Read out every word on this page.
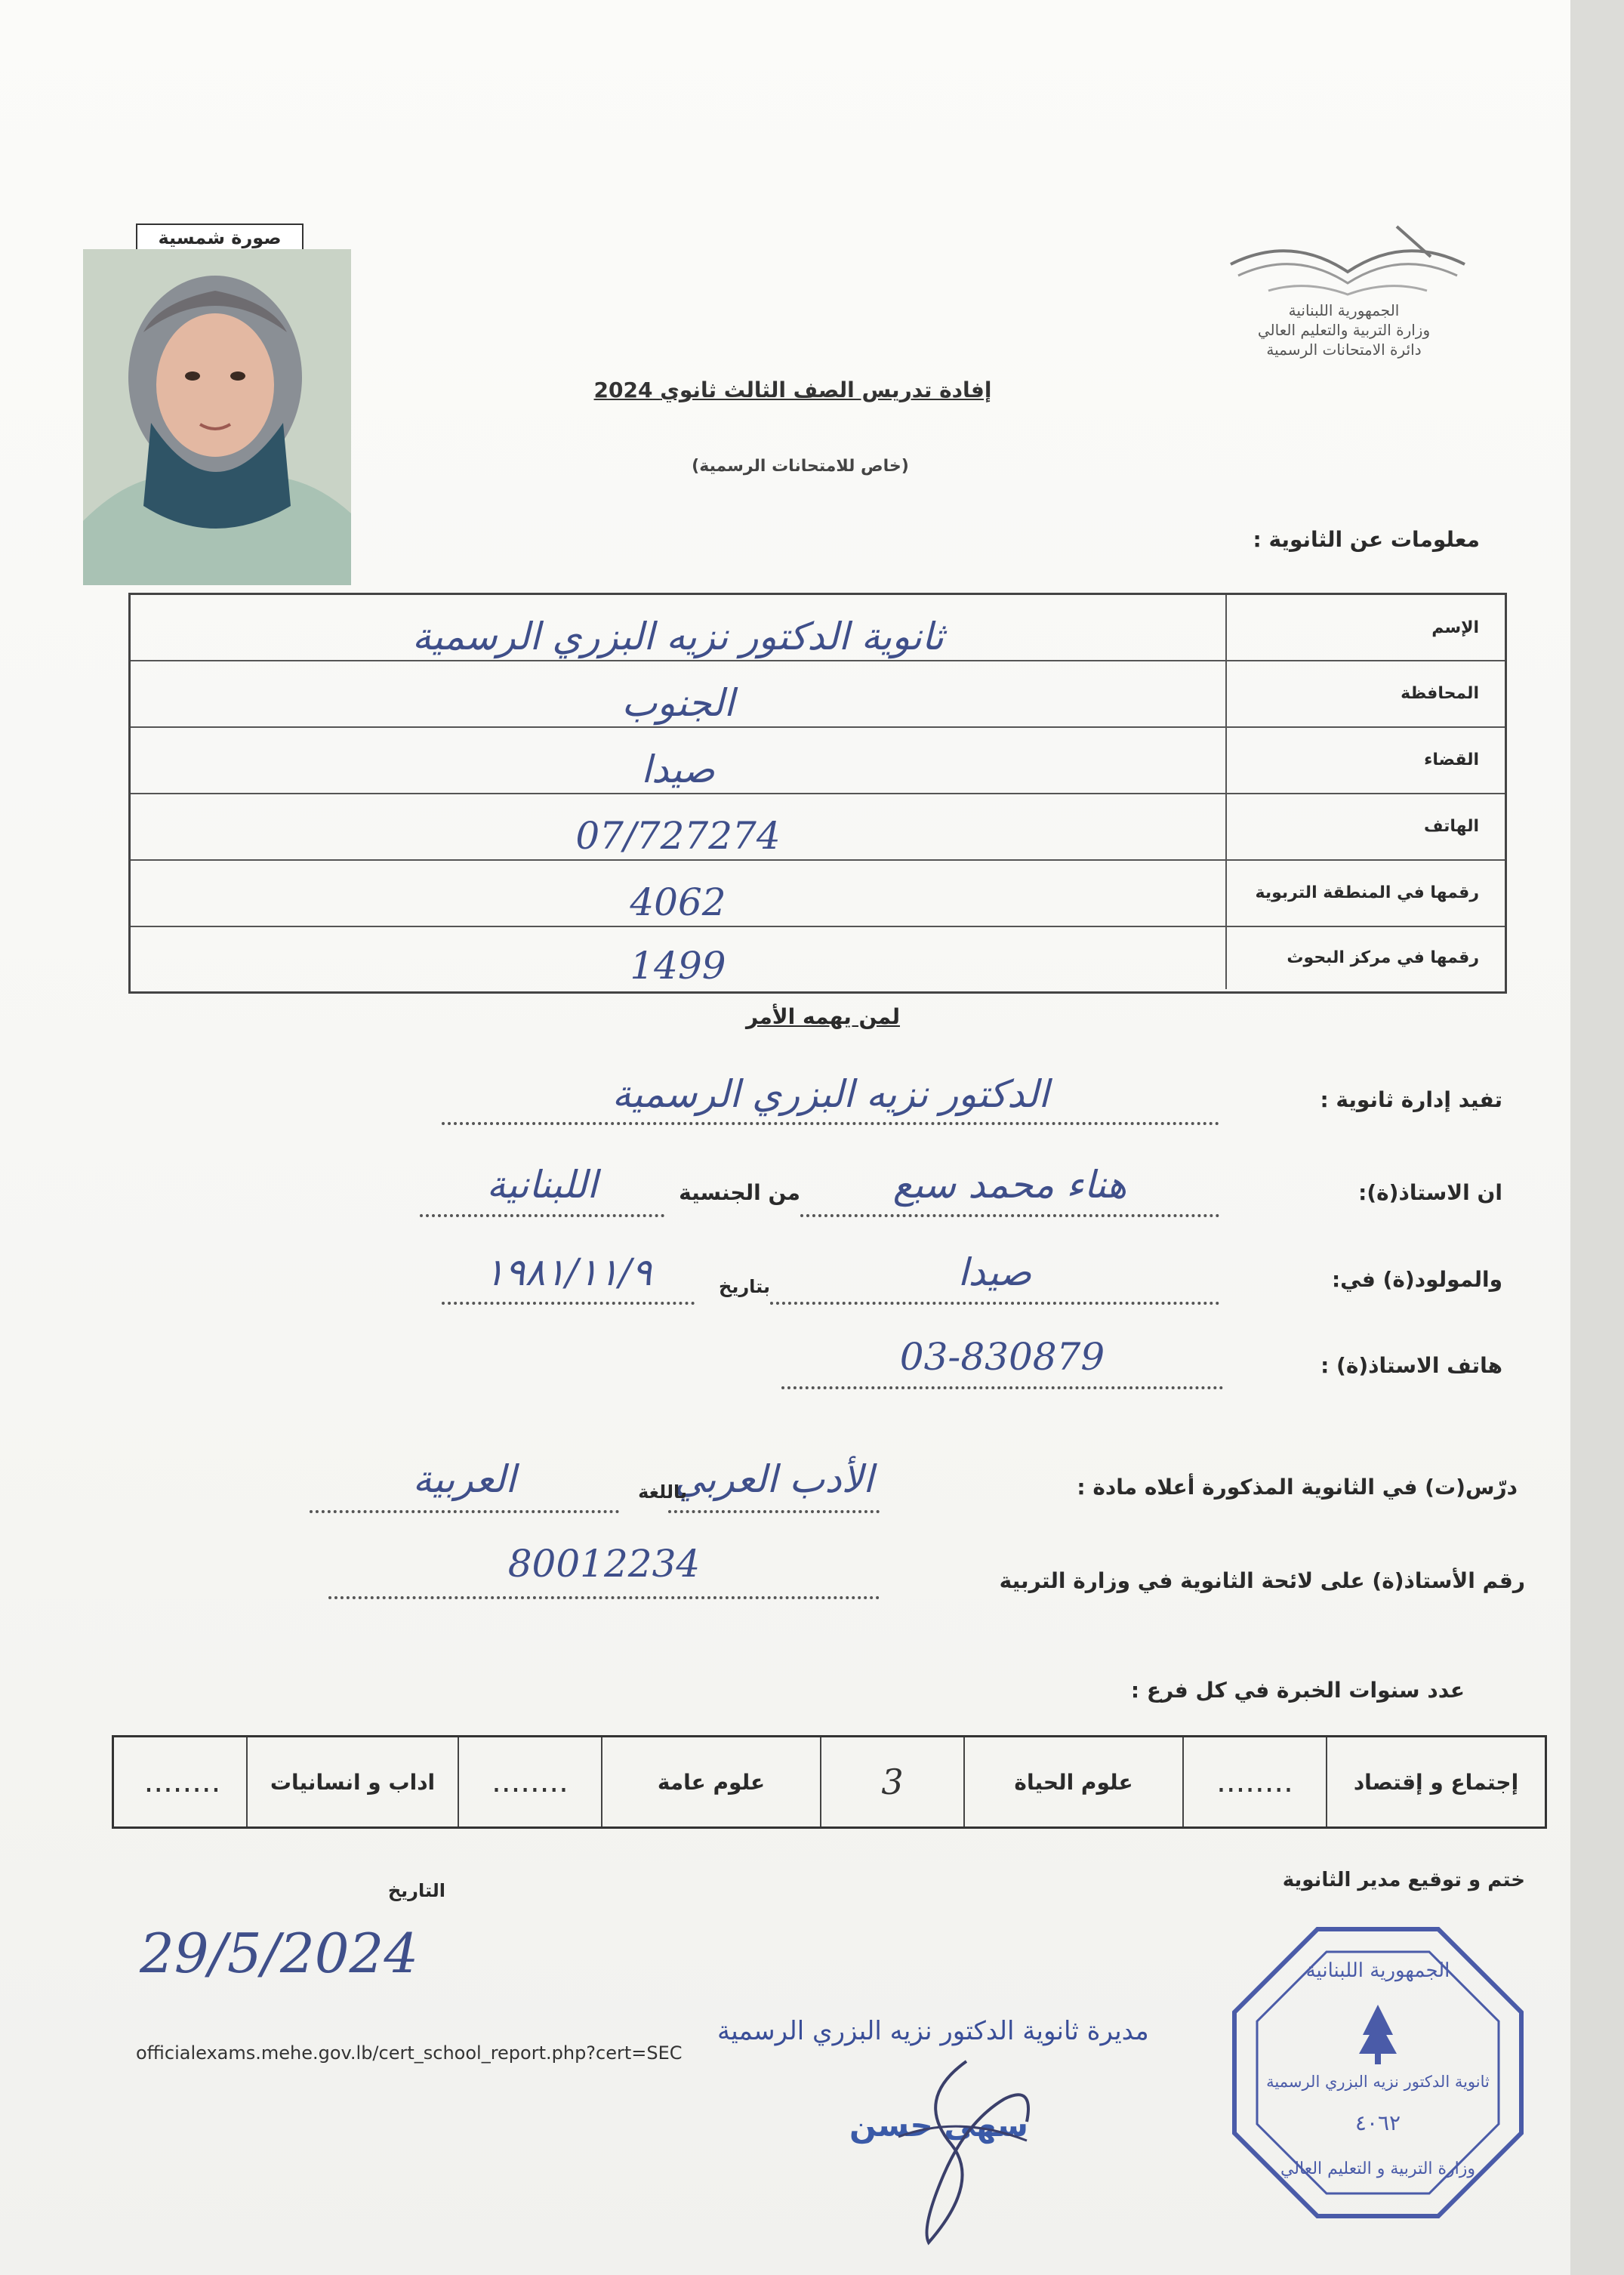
صورة شمسية
الجمهورية اللبنانية
وزارة التربية والتعليم العالي
دائرة الامتحانات الرسمية
إفادة تدريس الصف الثالث ثانوي 2024
(خاص للامتحانات الرسمية)
معلومات عن الثانوية :
الإسم
ثانوية الدكتور نزيه البزري الرسمية
المحافظة
الجنوب
القضاء
صيدا
الهاتف
07/727274
رقمها في المنطقة التربوية
4062
رقمها في مركز البحوث
1499
لمن يهمه الأمر
تفيد إدارة ثانوية :
الدكتور نزيه البزري الرسمية
ان الاستاذ(ة):
هناء محمد سبع
من الجنسية
اللبنانية
والمولود(ة) في:
صيدا
بتاريخ
١٩٨١/١١/٩
هاتف الاستاذ(ة) :
03-830879
درّس(ت) في الثانوية المذكورة أعلاه مادة :
الأدب العربي
باللغة
العربية
رقم الأستاذ(ة) على لائحة الثانوية في وزارة التربية
80012234
عدد سنوات الخبرة في كل فرع :
إجتماع و إقتصاد
........
علوم الحياة
3
علوم عامة
........
اداب و انسانيات
........
ختم و توقيع مدير الثانوية
التاريخ
29/5/2024
officialexams.mehe.gov.lb/cert_school_report.php?cert=SEC
مديرة ثانوية الدكتور نزيه البزري الرسمية
سهى حسن
الجمهورية اللبنانية
ثانوية الدكتور نزيه البزري الرسمية
٤٠٦٢
وزارة التربية و التعليم العالي
